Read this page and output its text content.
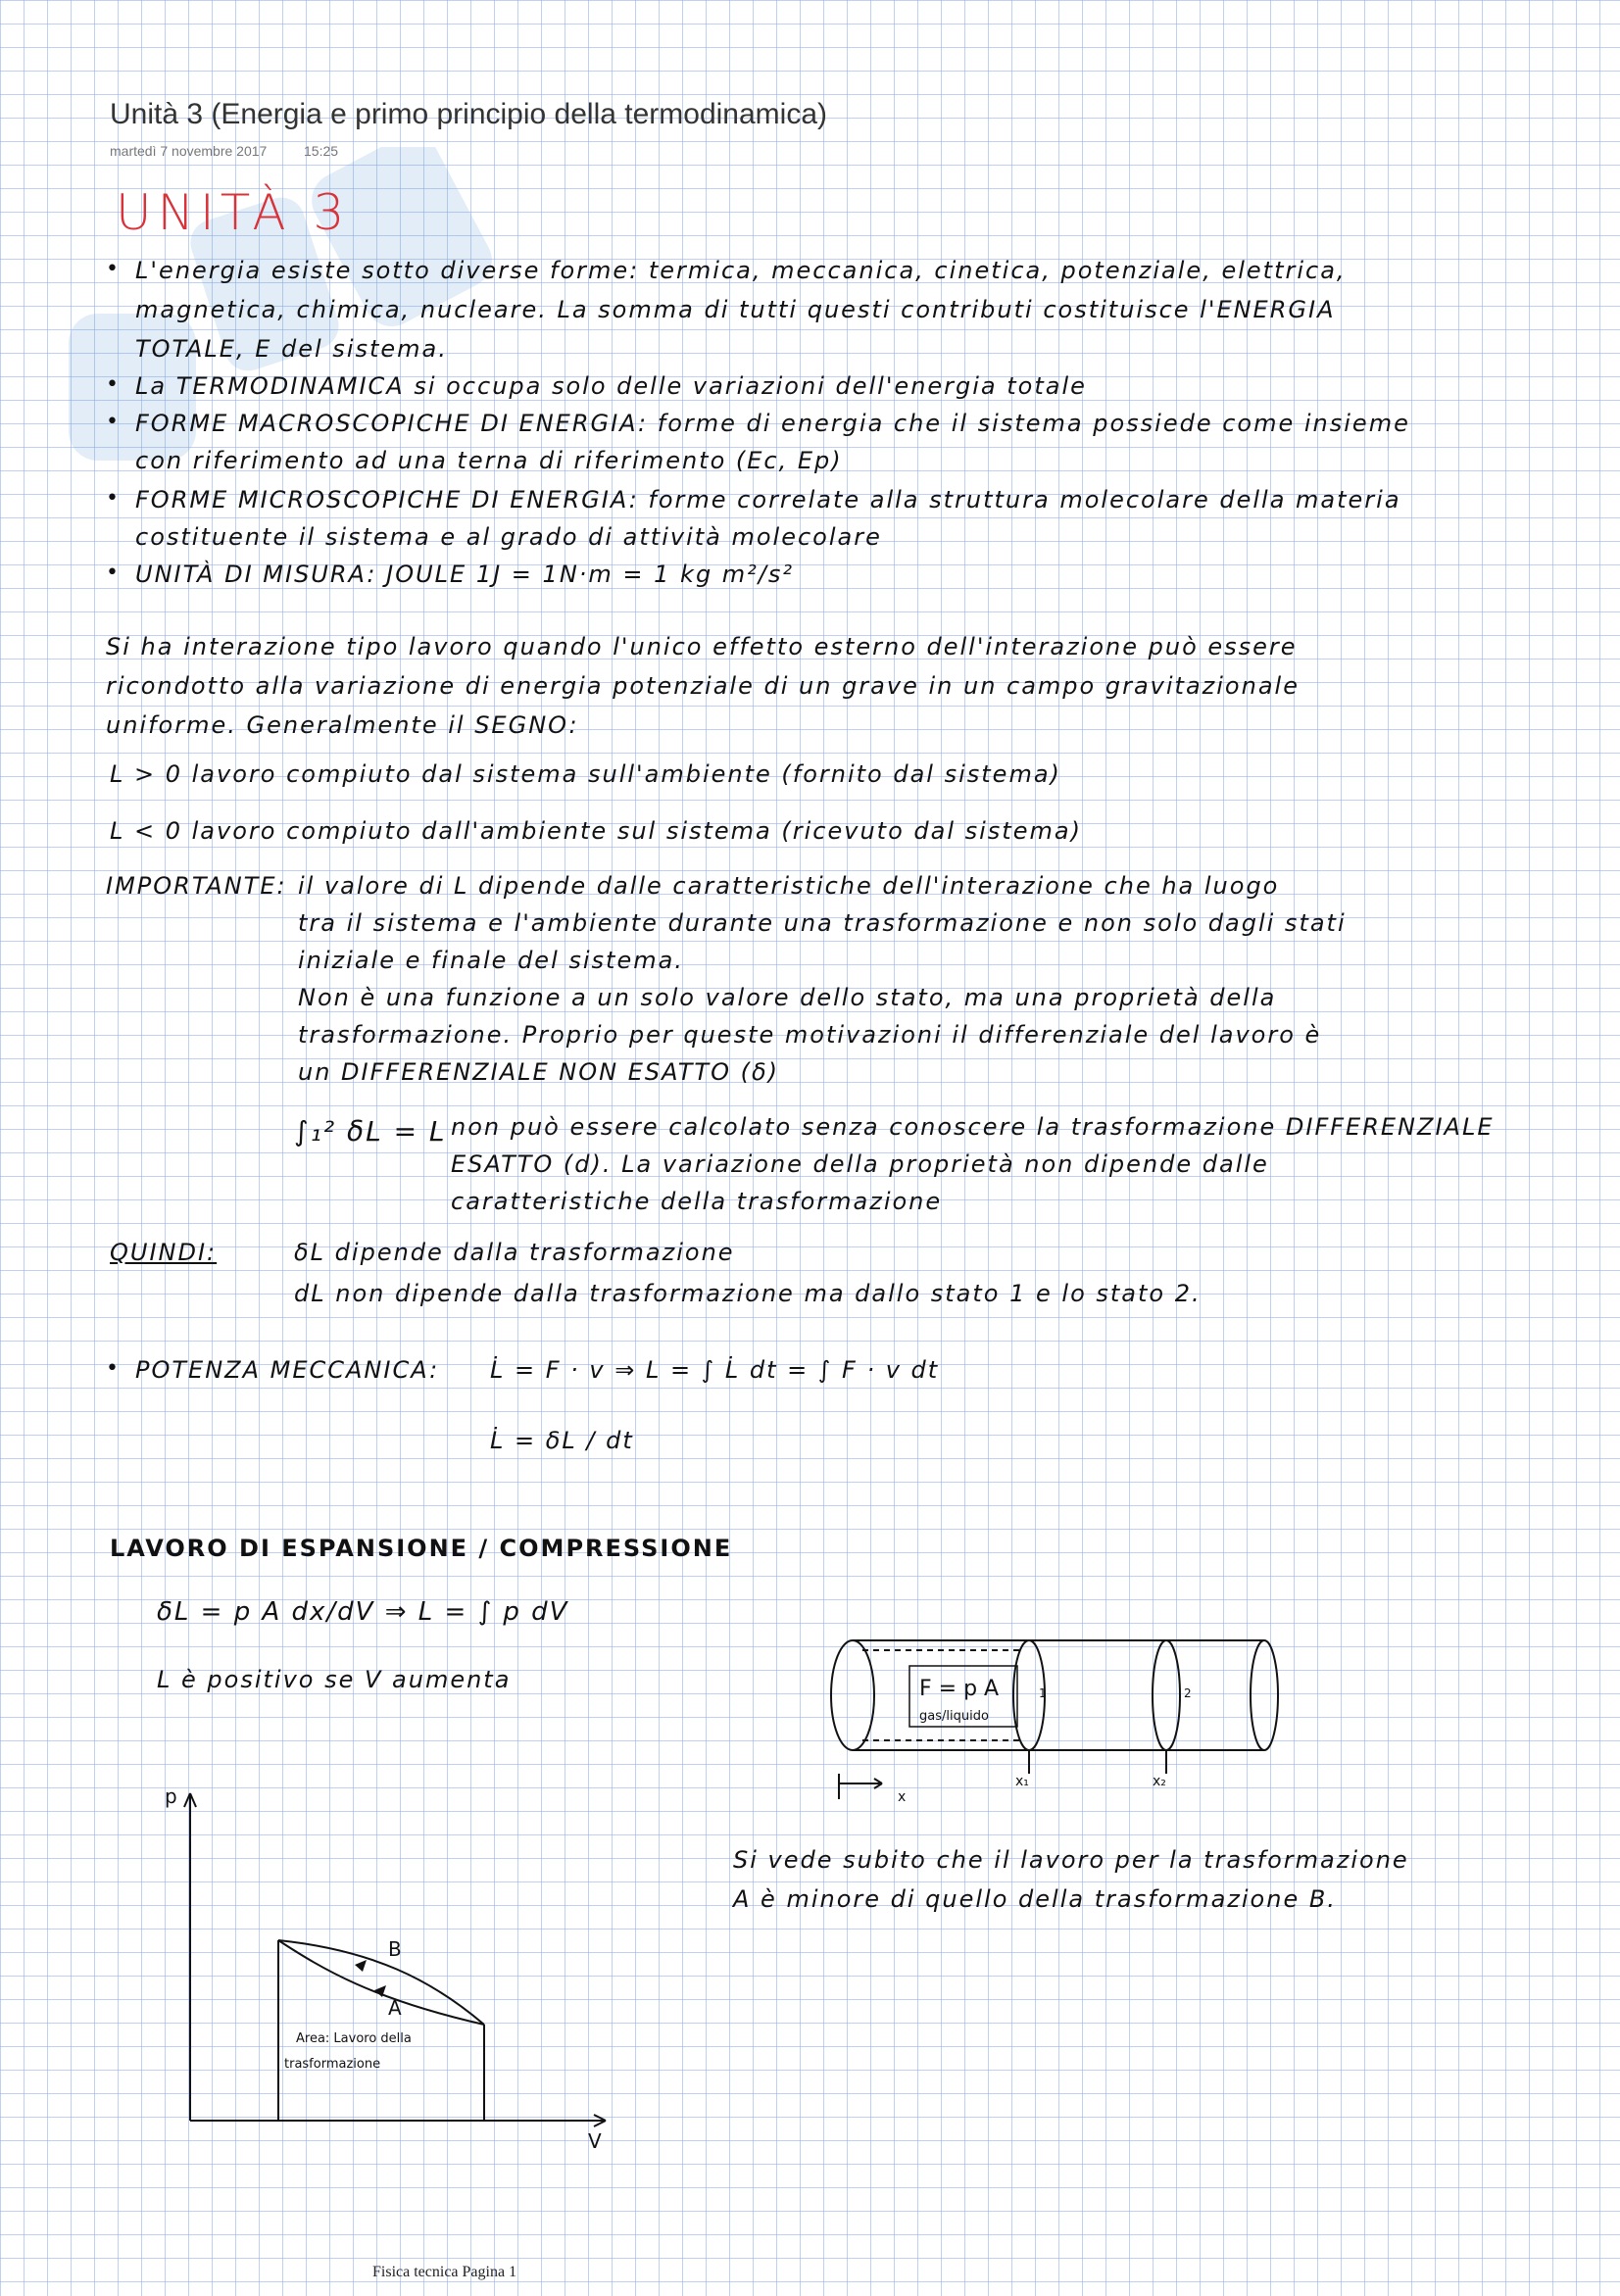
Unità 3 (Energia e primo principio della termodinamica)
martedì 7 novembre 2017	15:25
UNITÀ 3
• L'energia esiste sotto diverse forme: termica, meccanica, cinetica, potenziale, elettrica,
magnetica, chimica, nucleare. La somma di tutti questi contributi costituisce l'ENERGIA
TOTALE, E del sistema.
• La TERMODINAMICA si occupa solo delle variazioni dell'energia totale
• FORME MACROSCOPICHE DI ENERGIA: forme di energia che il sistema possiede come insieme
con riferimento ad una terna di riferimento (Ec, Ep)
• FORME MICROSCOPICHE DI ENERGIA: forme correlate alla struttura molecolare della materia
costituente il sistema e al grado di attività molecolare
• UNITÀ DI MISURA: JOULE 1J = 1N·m = 1 kg m²/s²
Si ha interazione tipo lavoro quando l'unico effetto esterno dell'interazione può essere
ricondotto alla variazione di energia potenziale di un grave in un campo gravitazionale
uniforme. Generalmente il SEGNO:
L > 0 lavoro compiuto dal sistema sull'ambiente (fornito dal sistema)
L < 0 lavoro compiuto dall'ambiente sul sistema (ricevuto dal sistema)
IMPORTANTE: il valore di L dipende dalle caratteristiche dell'interazione che ha luogo
tra il sistema e l'ambiente durante una trasformazione e non solo dagli stati
iniziale e finale del sistema.
Non è una funzione a un solo valore dello stato, ma una proprietà della
trasformazione. Proprio per queste motivazioni il differenziale del lavoro è
un DIFFERENZIALE NON ESATTO (δ)
∫₁² δL = L non può essere calcolato senza conoscere la trasformazione DIFFERENZIALE
ESATTO (d). La variazione della proprietà non dipende dalle
caratteristiche della trasformazione
QUINDI:	δL dipende dalla trasformazione
dL non dipende dalla trasformazione ma dallo stato 1 e lo stato 2.
• POTENZA MECCANICA: L̇ = F · v ⇒ L = ∫ L̇ dt = ∫ F · v dt
L̇ = δL / dt
LAVORO DI ESPANSIONE / COMPRESSIONE
δL = p A dx/dV ⇒ L = ∫ p dV
L è positivo se V aumenta	F = p A
gas/liquido
1	2
x
x₁	x₂
p
V
A
B
Area: Lavoro della
trasformazione
Si vede subito che il lavoro per la trasformazione
A è minore di quello della trasformazione B.
Fisica tecnica Pagina 1
